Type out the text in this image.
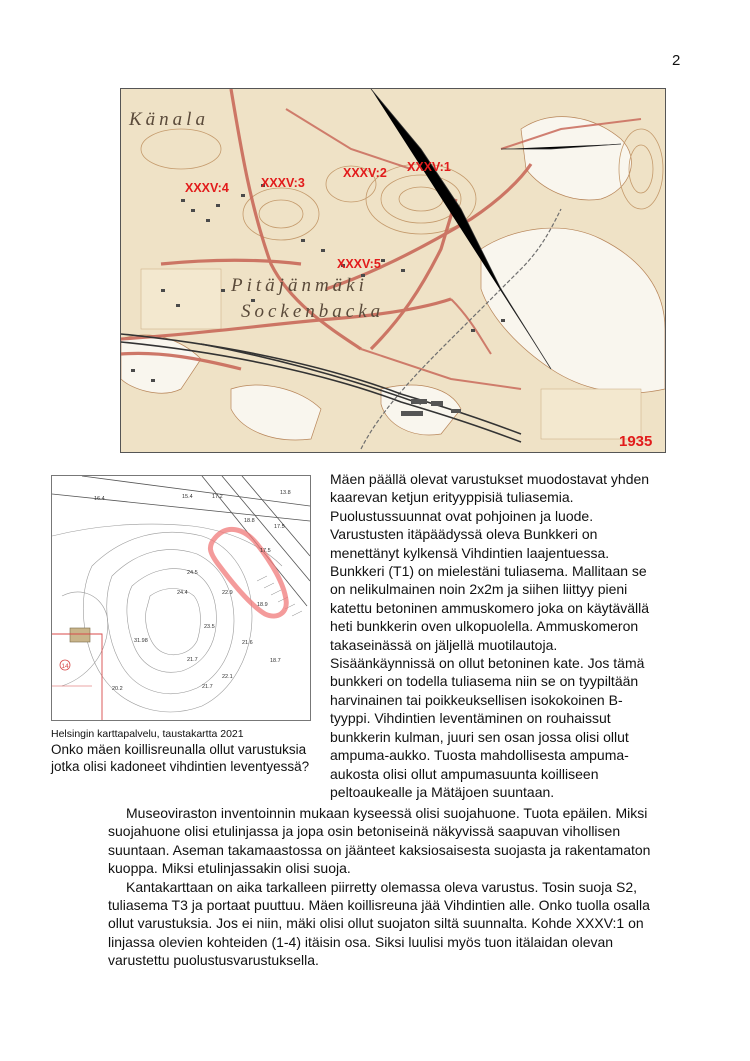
2
Känala
Pitäjänmäki
Sockenbacka
XXXV:1
XXXV:2
XXXV:3
XXXV:4
XXXV:5
1935
14
16.4	15.4	17.2
13.8
17.5
18.8
17.5
24.5
24.4	22.9
18.9
23.5
21.6
21.7	18.7
22.1
21.7
31.98
20.2
Helsingin karttapalvelu, taustakartta 2021
Onko mäen koillisreunalla ollut varustuksia jotka olisi kadoneet vihdintien leventyessä?

Mäen päällä olevat varustukset muodostavat yhden kaarevan ketjun erityyppisiä tuliasemia. Puolustussuunnat ovat pohjoinen ja luode. Varustusten itäpäädyssä oleva Bunkkeri on menettänyt kylkensä Vihdintien laajentuessa. Bunkkeri (T1) on mielestäni tuliasema. Mallitaan se on nelikulmainen noin 2x2m ja siihen liittyy pieni katettu betoninen ammuskomero joka on käytävällä heti bunkkerin oven ulkopuolella. Ammuskomeron takaseinässä on jäljellä muotilautoja. Sisäänkäynnissä on ollut betoninen kate. Jos tämä bunkkeri on todella tuliasema niin se on tyypiltään harvinainen tai poikkeuksellisen isokokoinen B-tyyppi. Vihdintien leventäminen on rouhaissut bunkkerin kulman, juuri sen osan jossa olisi ollut ampuma-aukko. Tuosta mahdollisesta ampuma-aukosta olisi ollut ampumasuunta koilliseen peltoaukealle ja Mätäjoen suuntaan.

Museoviraston inventoinnin mukaan kyseessä olisi suojahuone. Tuota epäilen. Miksi suojahuone olisi etulinjassa ja jopa osin betoniseinä näkyvissä saapuvan vihollisen suuntaan. Aseman takamaastossa on jäänteet kaksiosaisesta suojasta ja rakentamaton kuoppa. Miksi etulinjassakin olisi suoja.

Kantakarttaan on aika tarkalleen piirretty olemassa oleva varustus. Tosin suoja S2, tuliasema T3 ja portaat puuttuu. Mäen koillisreuna jää Vihdintien alle. Onko tuolla osalla ollut varustuksia. Jos ei niin, mäki olisi ollut suojaton siltä suunnalta. Kohde XXXV:1 on linjassa olevien kohteiden (1-4) itäisin osa. Siksi luulisi myös tuon itälaidan olevan varustettu puolustusvarustuksella.
